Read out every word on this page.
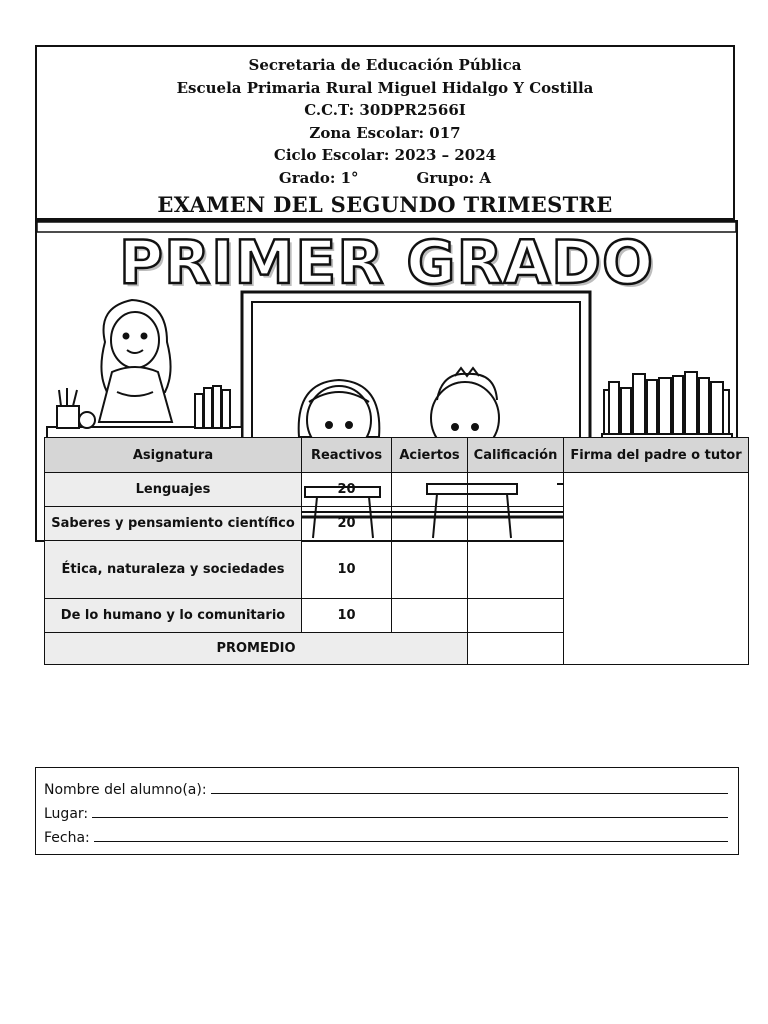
Secretaria de Educación Pública
Escuela Primaria Rural Miguel Hidalgo Y Costilla
C.C.T: 30DPR2566I
Zona Escolar: 017
Ciclo Escolar: 2023 – 2024
Grado: 1°	Grupo: A
EXAMEN DEL SEGUNDO TRIMESTRE
PRIMER GRADO
Asignatura	Reactivos	Aciertos	Calificación	Firma del padre o tutor
Lenguajes	20			
Saberes y pensamiento científico	20			
Ética, naturaleza y sociedades	10			
De lo humano y lo comunitario	10			
PROMEDIO				
Nombre del alumno(a):
Lugar:
Fecha:
